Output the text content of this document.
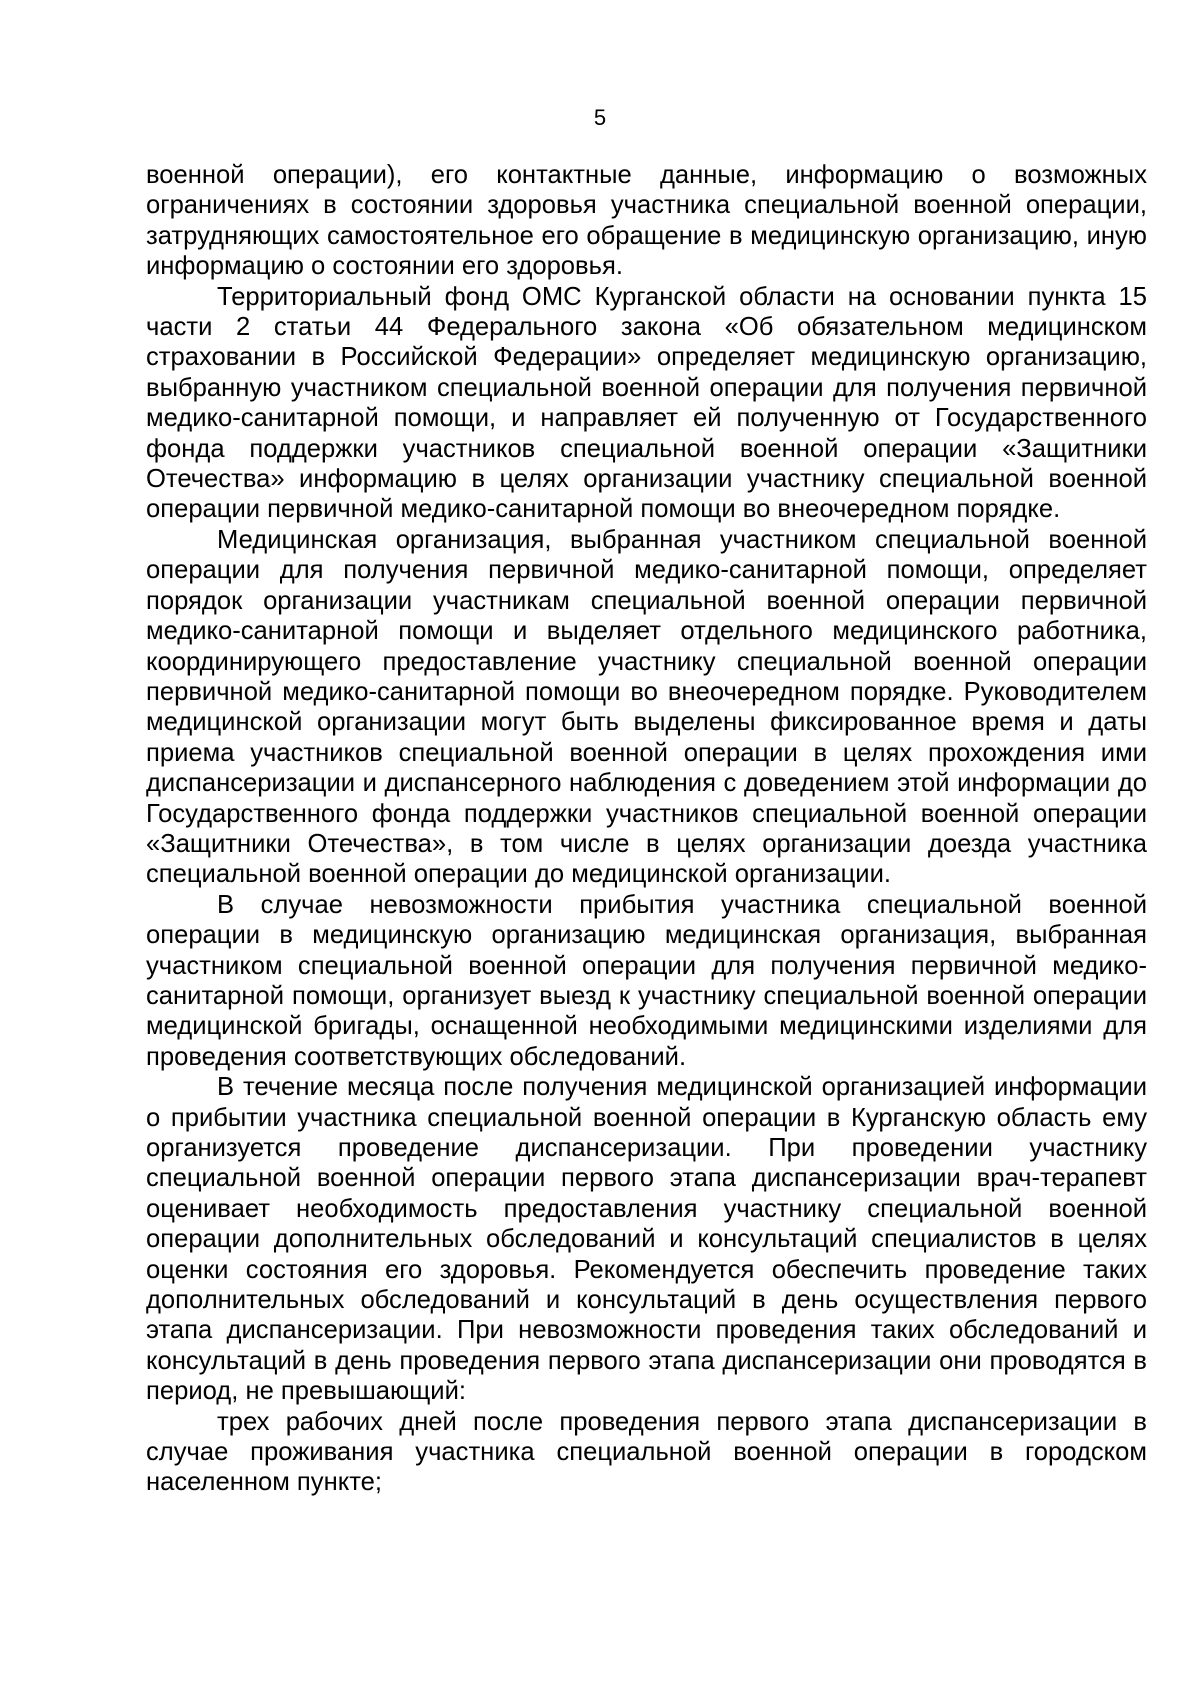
5

военной операции), его контактные данные, информацию о возможных ограничениях в состоянии здоровья участника специальной военной операции, затрудняющих самостоятельное его обращение в медицинскую организацию, иную информацию о состоянии его здоровья.

Территориальный фонд ОМС Курганской области на основании пункта 15 части 2 статьи 44 Федерального закона «Об обязательном медицинском страховании в Российской Федерации» определяет медицинскую организацию, выбранную участником специальной военной операции для получения первичной медико-санитарной помощи, и направляет ей полученную от Государственного фонда поддержки участников специальной военной операции «Защитники Отечества» информацию в целях организации участнику специальной военной операции первичной медико-санитарной помощи во внеочередном порядке.

Медицинская организация, выбранная участником специальной военной операции для получения первичной медико-санитарной помощи, определяет порядок организации участникам специальной военной операции первичной медико-санитарной помощи и выделяет отдельного медицинского работника, координирующего предоставление участнику специальной военной операции первичной медико-санитарной помощи во внеочередном порядке. Руководителем медицинской организации могут быть выделены фиксированное время и даты приема участников специальной военной операции в целях прохождения ими диспансеризации и диспансерного наблюдения с доведением этой информации до Государственного фонда поддержки участников специальной военной операции «Защитники Отечества», в том числе в целях организации доезда участника специальной военной операции до медицинской организации.

В случае невозможности прибытия участника специальной военной операции в медицинскую организацию медицинская организация, выбранная участником специальной военной операции для получения первичной медико-санитарной помощи, организует выезд к участнику специальной военной операции медицинской бригады, оснащенной необходимыми медицинскими изделиями для проведения соответствующих обследований.

В течение месяца после получения медицинской организацией информации о прибытии участника специальной военной операции в Курганскую область ему организуется проведение диспансеризации. При проведении участнику специальной военной операции первого этапа диспансеризации врач-терапевт оценивает необходимость предоставления участнику специальной военной операции дополнительных обследований и консультаций специалистов в целях оценки состояния его здоровья. Рекомендуется обеспечить проведение таких дополнительных обследований и консультаций в день осуществления первого этапа диспансеризации. При невозможности проведения таких обследований и консультаций в день проведения первого этапа диспансеризации они проводятся в период, не превышающий:

трех рабочих дней после проведения первого этапа диспансеризации в случае проживания участника специальной военной операции в городском населенном пункте;
